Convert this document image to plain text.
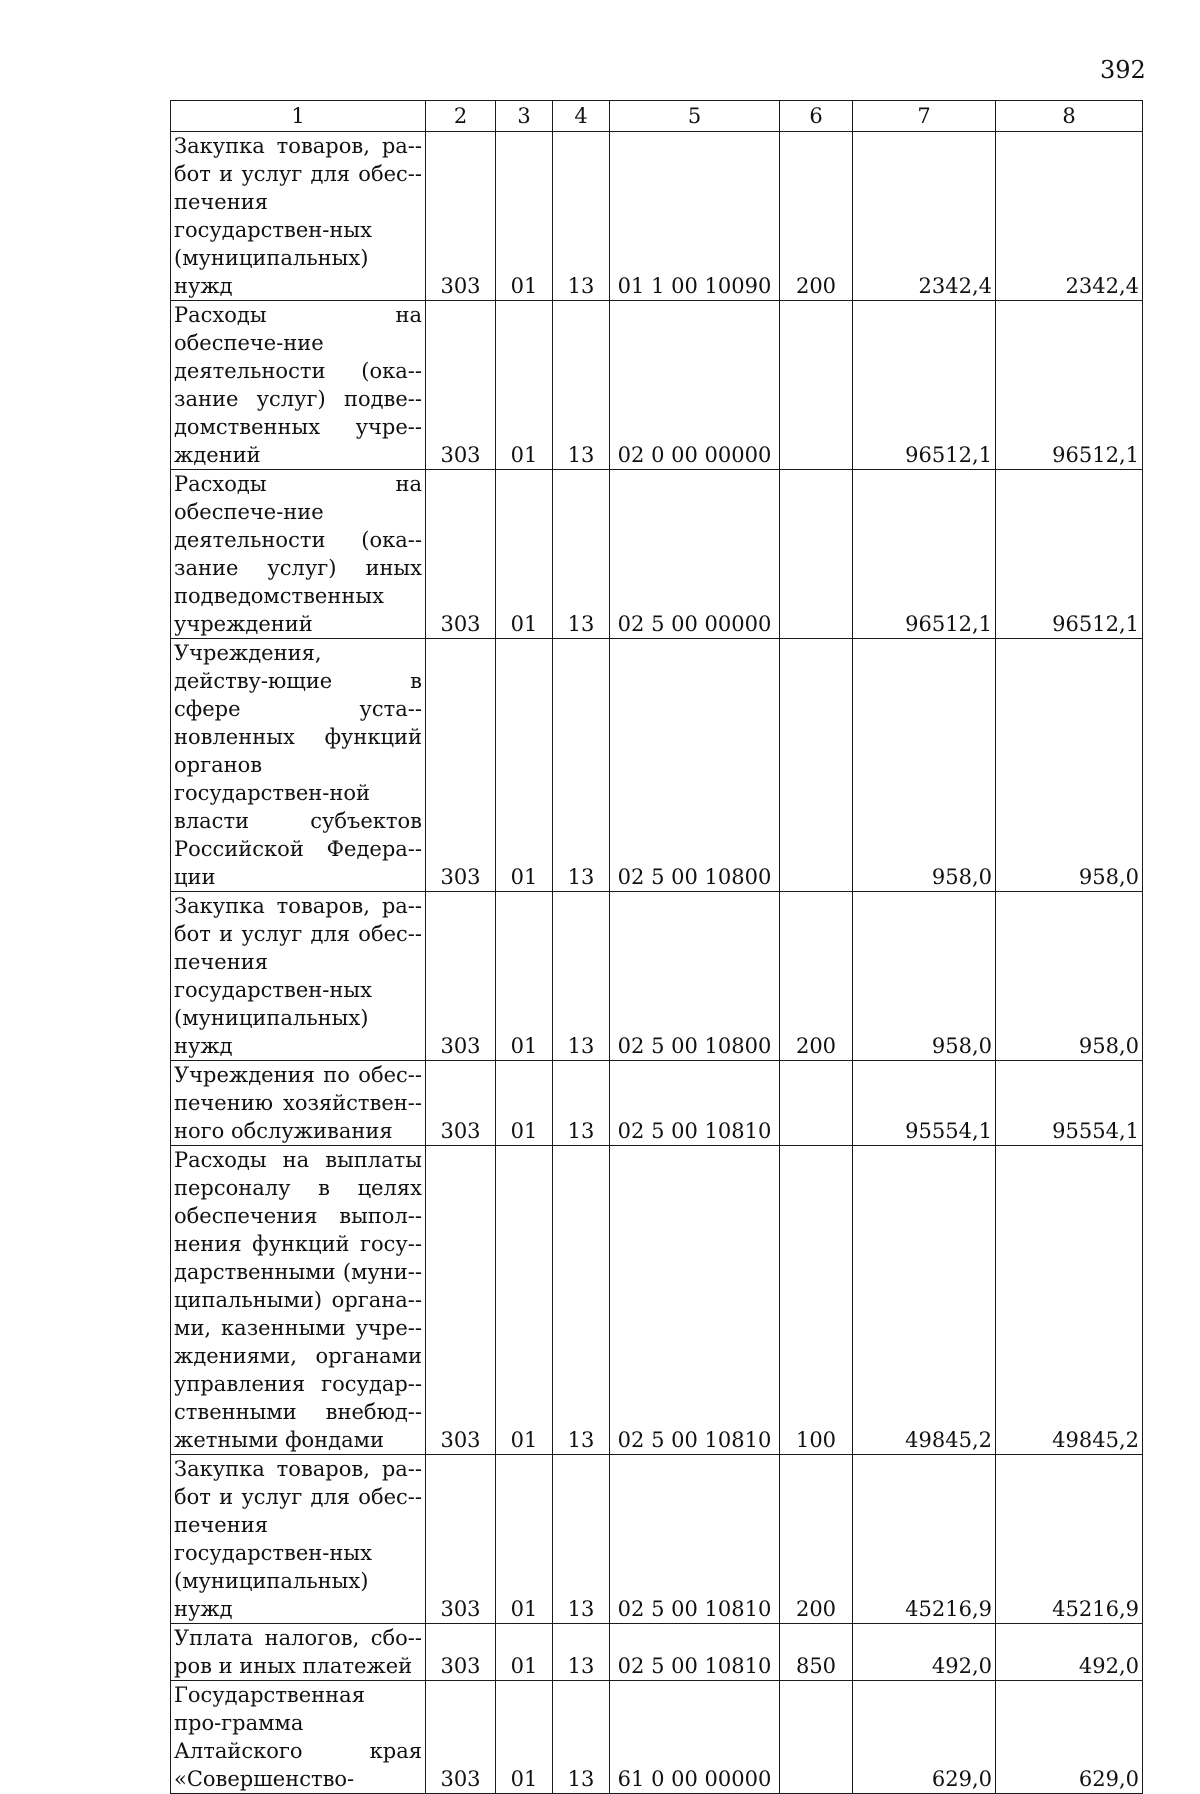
392
1	2	3	4	5	6	7	8
Закупка товаров, ра-бот и услуг для обес-печения государствен-ных (муниципальных) нужд	303	01	13	01 1 00 10090	200	2342,4	2342,4
Расходы на обеспече-ние деятельности (ока-зание услуг) подве-домственных учре-ждений	303	01	13	02 0 00 00000		96512,1	96512,1
Расходы на обеспече-ние деятельности (ока-зание услуг) иных подведомственных учреждений	303	01	13	02 5 00 00000		96512,1	96512,1
Учреждения, действу-ющие в сфере уста-новленных функций органов государствен-ной власти субъектов Российской Федера-ции	303	01	13	02 5 00 10800		958,0	958,0
Закупка товаров, ра-бот и услуг для обес-печения государствен-ных (муниципальных) нужд	303	01	13	02 5 00 10800	200	958,0	958,0
Учреждения по обес-печению хозяйствен-ного обслуживания	303	01	13	02 5 00 10810		95554,1	95554,1
Расходы на выплаты персоналу в целях обеспечения выпол-нения функций госу-дарственными (муни-ципальными) органа-ми, казенными учре-ждениями, органами управления государ-ственными внебюд-жетными фондами	303	01	13	02 5 00 10810	100	49845,2	49845,2
Закупка товаров, ра-бот и услуг для обес-печения государствен-ных (муниципальных) нужд	303	01	13	02 5 00 10810	200	45216,9	45216,9
Уплата налогов, сбо-ров и иных платежей	303	01	13	02 5 00 10810	850	492,0	492,0
Государственная про-грамма Алтайского края «Совершенство-	303	01	13	61 0 00 00000		629,0	629,0
